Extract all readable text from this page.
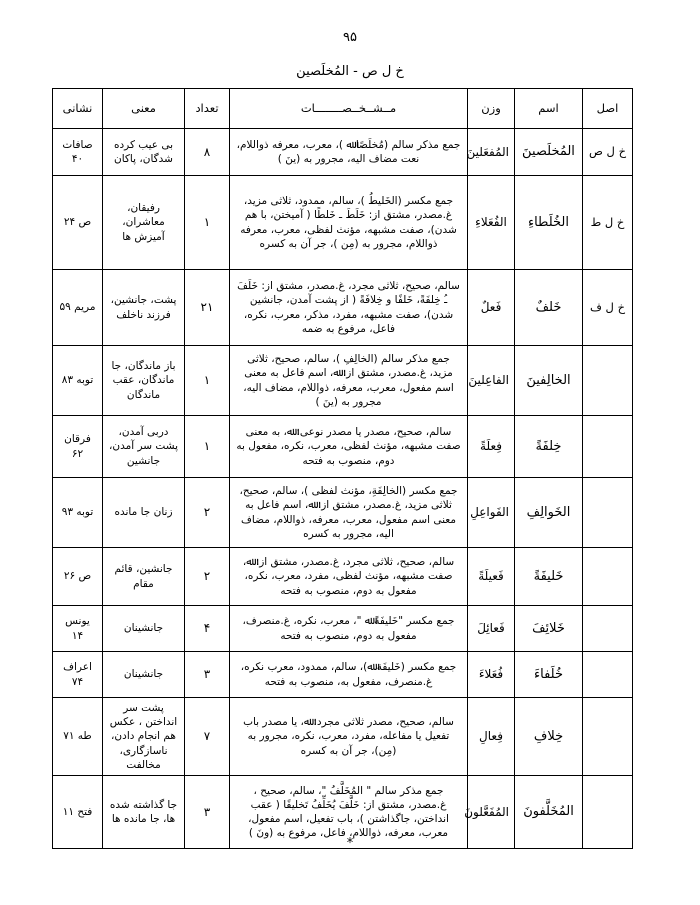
۹۵
خ ل ص - المُخلَصین
اصل	اسم	وزن	مــشــخــصــــــــات	تعداد	معنی	نشانی
خ ل ص	المُخلَصینَ	المُفعَلینَ	جمع مذکر سالم (مُخلَصًا ﷲ )، معرب، معرفه ذواللام، نعت مضاف الیه، مجرور به (ینَ )	۸	بی عیب کرده شدگان، پاکان	صافات ۴۰
خ ل ط	الخُلَطاءِ	الفُعَلاءِ	جمع مکسر (الخَلیطُ )، سالم، ممدود، ثلاثی مزید، غ.مصدر، مشتق از: خَلَطَ ـ خَلطًا ( آمیختن، با هم شدن)، صفت مشبهه، مؤنث لفظی، معرب، معرفه ذواللام، مجرور به (مِن )، جر آن به کسره	۱	رفیقان، معاشران، آمیزش ها	ص ۲۴
خ ل ف	خَلفٌ	فَعلٌ	سالم، صحیح، ثلاثی مجرد، غ.مصدر، مشتق از: خَلَفَ ـُ خِلفَةً، خَلفًا و خِلافَةً ( از پشت آمدن، جانشین شدن)، صفت مشبهه، مفرد، مذکر، معرب، نکره، فاعل، مرفوع به ضمه	۲۱	پشت، جانشین، فرزند ناخلف	مریم ۵۹
	الخالِفینَ	الفاعِلینَ	جمع مذکر سالم (الخالِفِ )، سالم، صحیح، ثلاثی مزید، غ.مصدر، مشتق از: ﷲ، اسم فاعل به معنی اسم مفعول، معرب، معرفه، ذواللام، مضاف الیه، مجرور به (ینَ )	۱	باز ماندگان، جا ماندگان، عقب ماندگان	توبه ۸۳
	خِلفَةً	فِعلَةً	سالم، صحیح، مصدر یا مصدر نوعی: ﷲ، به معنی صفت مشبهه، مؤنث لفظی، معرب، نکره، مفعول به دوم، منصوب به فتحه	۱	دربی آمدن، پشت سر آمدن، جانشین	فرقان ۶۲
	الخَوالِفِ	الفَواعِلِ	جمع مکسر (الخالِفَةِ، مؤنث لفظی )، سالم، صحیح، ثلاثی مزید، غ.مصدر، مشتق از: ﷲ، اسم فاعل به معنی اسم مفعول، معرب، معرفه، ذواللام، مضاف الیه، مجرور به کسره	۲	زنان جا مانده	توبه ۹۳
	خَلیفَةً	فَعیلَةً	سالم، صحیح، ثلاثی مجرد، غ.مصدر، مشتق از: ﷲ، صفت مشبهه، مؤنث لفظی، مفرد، معرب، نکره، مفعول به دوم، منصوب به فتحه	۲	جانشین، قائم مقام	ص ۲۶
	خَلائِفَ	فَعائِلَ	جمع مکسر "خَلیفَةً ﷲ "، معرب، نکره، غ.منصرف، مفعول به دوم، منصوب به فتحه	۴	جانشینان	یونس ۱۴
	خُلَفاءَ	فُعَلاءَ	جمع مکسر (خَلیفَة ﷲ)، سالم، ممدود، معرب نکره، غ.منصرف، مفعول به، منصوب به فتحه	۳	جانشینان	اعراف ۷۴
	خِلافِ	فِعالِ	سالم، صحیح، مصدر ثلاثی مجرد: ﷲ، یا مصدر باب تفعیل یا مفاعله، مفرد، معرب، نکره، مجرور به (مِن)، جر آن به کسره	۷	پشت سر انداختن ، عکس هم انجام دادن، ناسازگاری، مخالفت	طه ۷۱
	المُخَلَّفونَ	المُفَعَّلونَ	جمع مذکر سالم " المُخَلَّفُ "، سالم، صحیح ، غ.مصدر، مشتق از: خَلَّفَ یُخَلِّفُ تَخلیفًا ( عقب انداختن، جاگذاشتن )، باب تفعیل، اسم مفعول، معرب، معرفه، ذواللام، فاعل، مرفوع به (ونَ )	۳	جا گذاشته شده ها، جا مانده ها	فتح ۱۱
*
